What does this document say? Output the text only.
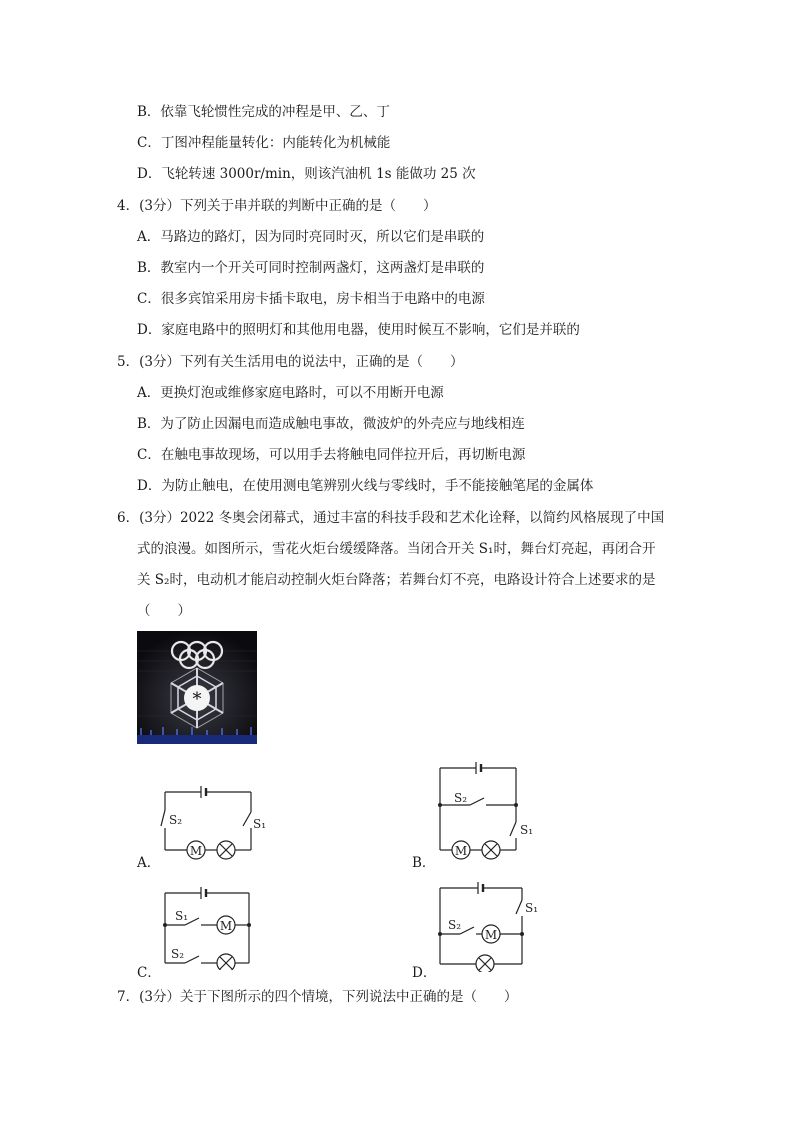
B．依靠飞轮惯性完成的冲程是甲、乙、丁
C．丁图冲程能量转化：内能转化为机械能
D．飞轮转速 3000r/min，则该汽油机 1s 能做功 25 次
4．(3分）下列关于串并联的判断中正确的是（　　）
A．马路边的路灯，因为同时亮同时灭，所以它们是串联的
B．教室内一个开关可同时控制两盏灯，这两盏灯是串联的
C．很多宾馆采用房卡插卡取电，房卡相当于电路中的电源
D．家庭电路中的照明灯和其他用电器，使用时候互不影响，它们是并联的
5．(3分）下列有关生活用电的说法中，正确的是（　　）
A．更换灯泡或维修家庭电路时，可以不用断开电源
B．为了防止因漏电而造成触电事故，微波炉的外壳应与地线相连
C．在触电事故现场，可以用手去将触电同伴拉开后，再切断电源
D．为防止触电，在使用测电笔辨别火线与零线时，手不能接触笔尾的金属体
6．(3分）2022 冬奥会闭幕式，通过丰富的科技手段和艺术化诠释，以简约风格展现了中国
式的浪漫。如图所示，雪花火炬台缓缓降落。当闭合开关 S₁时，舞台灯亮起，再闭合开
关 S₂时，电动机才能启动控制火炬台降落；若舞台灯不亮，电路设计符合上述要求的是
（　　）
*
A．	B．
C．	D．
M
S₂	S₁
M
S₂
S₁
M
S₁
S₂
M
S₂
S₁
7．(3分）关于下图所示的四个情境，下列说法中正确的是（　　）
